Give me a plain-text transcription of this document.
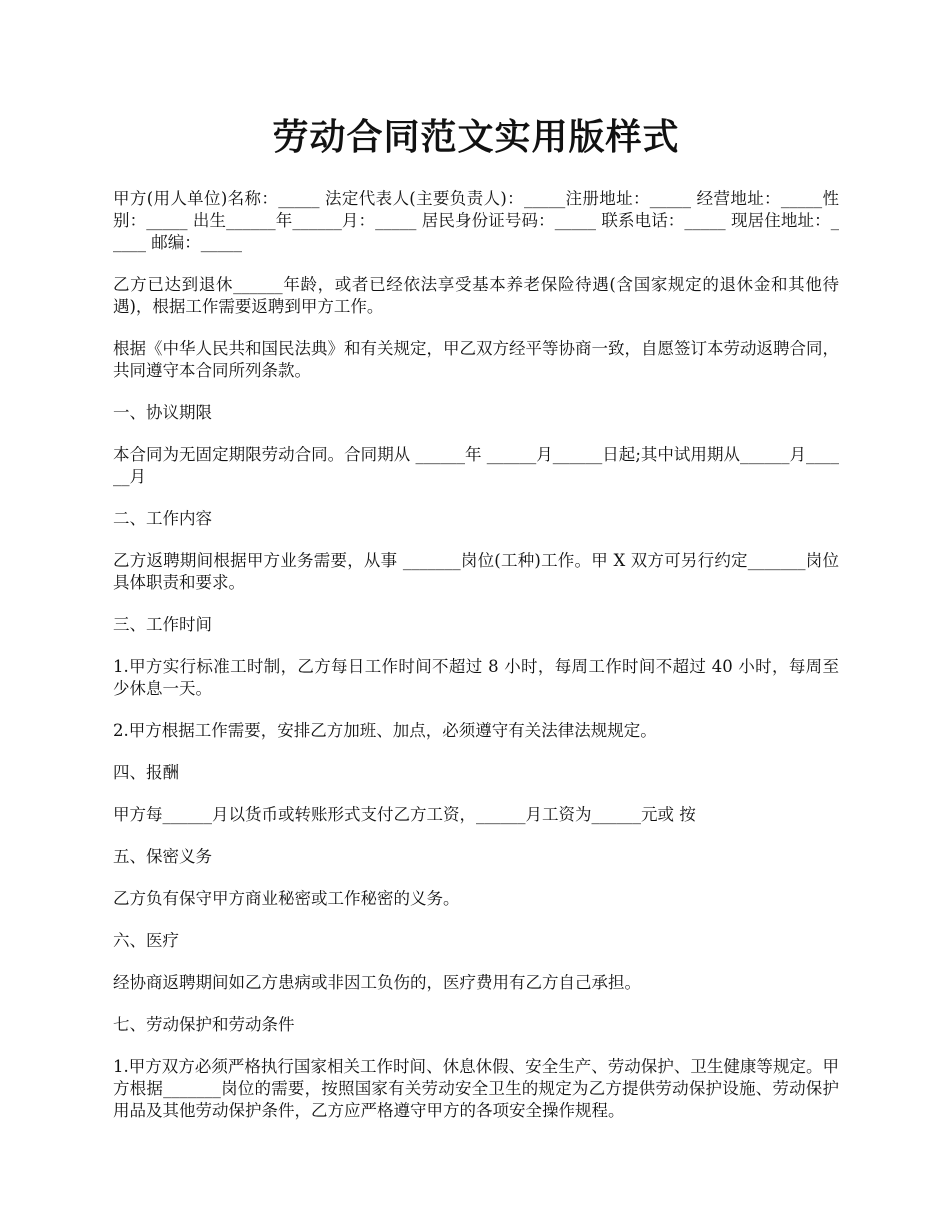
劳动合同范文实用版样式

甲方(用人单位)名称：_____ 法定代表人(主要负责人)：_____注册地址：_____ 经营地址：_____性别：_____ 出生______年______月：_____ 居民身份证号码：_____ 联系电话：_____ 现居住地址：_____ 邮编：_____

乙方已达到退休______年龄，或者已经依法享受基本养老保险待遇(含国家规定的退休金和其他待遇)，根据工作需要返聘到甲方工作。

根据《中华人民共和国民法典》和有关规定，甲乙双方经平等协商一致，自愿签订本劳动返聘合同，共同遵守本合同所列条款。

一、协议期限

本合同为无固定期限劳动合同。合同期从 ______年 ______月______日起;其中试用期从______月______月

二、工作内容

乙方返聘期间根据甲方业务需要，从事 _______岗位(工种)工作。甲 X 双方可另行约定_______岗位具体职责和要求。

三、工作时间

1.甲方实行标准工时制，乙方每日工作时间不超过 8 小时，每周工作时间不超过 40 小时，每周至少休息一天。

2.甲方根据工作需要，安排乙方加班、加点，必须遵守有关法律法规规定。

四、报酬

甲方每______月以货币或转账形式支付乙方工资，______月工资为______元或 按

五、保密义务

乙方负有保守甲方商业秘密或工作秘密的义务。

六、医疗

经协商返聘期间如乙方患病或非因工负伤的，医疗费用有乙方自己承担。

七、劳动保护和劳动条件

1.甲方双方必须严格执行国家相关工作时间、休息休假、安全生产、劳动保护、卫生健康等规定。甲方根据_______岗位的需要，按照国家有关劳动安全卫生的规定为乙方提供劳动保护设施、劳动保护用品及其他劳动保护条件，乙方应严格遵守甲方的各项安全操作规程。
